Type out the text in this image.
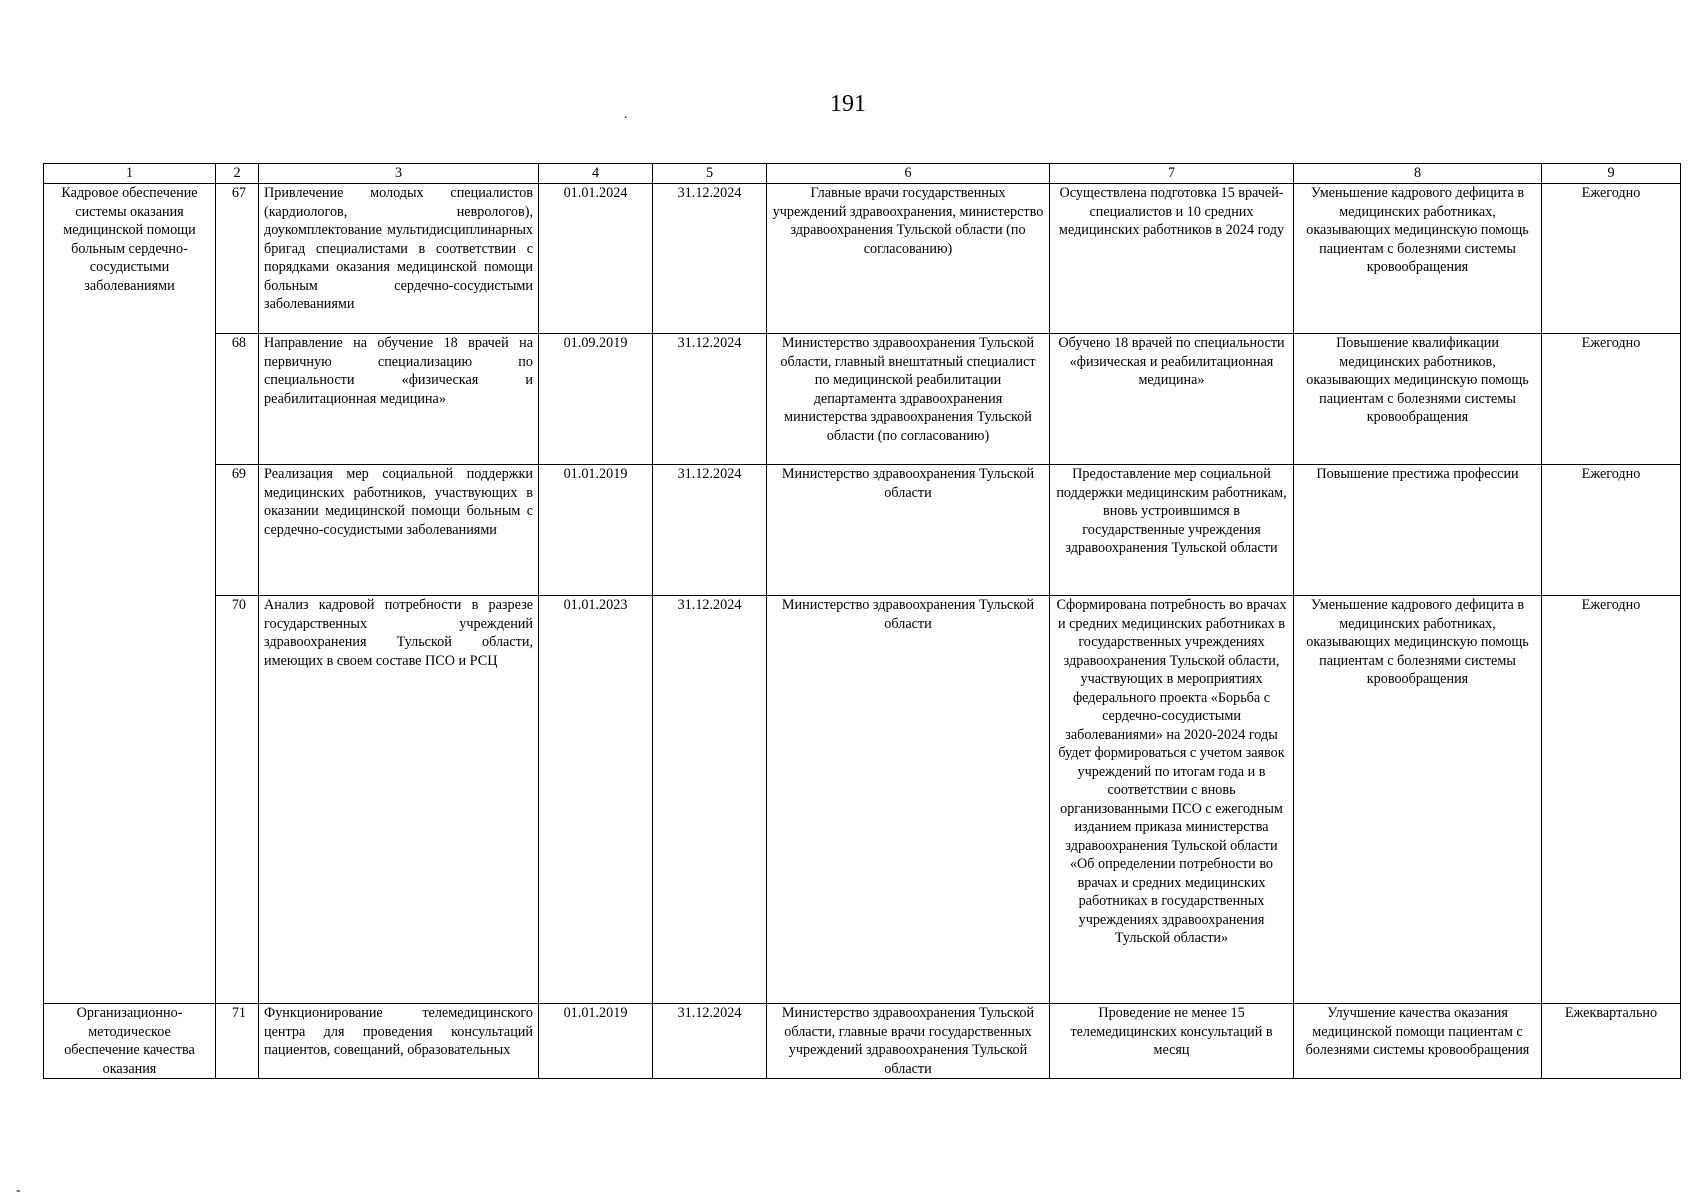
191
.
1	2	3	4	5	6	7	8	9
Кадровое обеспечение системы оказания медицинской помощи больным сердечно-сосудистыми заболеваниями	67	Привлечение молодых специалистов (кардиологов, неврологов), доукомплектование мультидисциплинарных бригад специалистами в соответствии с порядками оказания медицинской помощи больным сердечно-сосудистыми заболеваниями	01.01.2024	31.12.2024	Главные врачи государственных учреждений здравоохранения, министерство здравоохранения Тульской области (по согласованию)	Осуществлена подготовка 15 врачей-специалистов и 10 средних медицинских работников в 2024 году	Уменьшение кадрового дефицита в медицинских работниках, оказывающих медицинскую помощь пациентам с болезнями системы кровообращения	Ежегодно
	68	Направление на обучение 18 врачей на первичную специализацию по специальности «физическая и реабилитационная медицина»	01.09.2019	31.12.2024	Министерство здравоохранения Тульской области, главный внештатный специалист по медицинской реабилитации департамента здравоохранения министерства здравоохранения Тульской области (по согласованию)	Обучено 18 врачей по специальности «физическая и реабилитационная медицина»	Повышение квалификации медицинских работников, оказывающих медицинскую помощь пациентам с болезнями системы кровообращения	Ежегодно
	69	Реализация мер социальной поддержки медицинских работников, участвующих в оказании медицинской помощи больным с сердечно-сосудистыми заболеваниями	01.01.2019	31.12.2024	Министерство здравоохранения Тульской области	Предоставление мер социальной поддержки медицинским работникам, вновь устроившимся в государственные учреждения здравоохранения Тульской области	Повышение престижа профессии	Ежегодно
	70	Анализ кадровой потребности в разрезе государственных учреждений здравоохранения Тульской области, имеющих в своем составе ПСО и РСЦ	01.01.2023	31.12.2024	Министерство здравоохранения Тульской области	Сформирована потребность во врачах и средних медицинских работниках в государственных учреждениях здравоохранения Тульской области, участвующих в мероприятиях федерального проекта «Борьба с сердечно-сосудистыми заболеваниями» на 2020-2024 годы будет формироваться с учетом заявок учреждений по итогам года и в соответствии с вновь организованными ПСО с ежегодным изданием приказа министерства здравоохранения Тульской области «Об определении потребности во врачах и средних медицинских работниках в государственных учреждениях здравоохранения Тульской области»	Уменьшение кадрового дефицита в медицинских работниках, оказывающих медицинскую помощь пациентам с болезнями системы кровообращения	Ежегодно
Организационно-методическое обеспечение качества оказания	71	Функционирование телемедицинского центра для проведения консультаций пациентов, совещаний, образовательных	01.01.2019	31.12.2024	Министерство здравоохранения Тульской области, главные врачи государственных учреждений здравоохранения Тульской области	Проведение не менее 15 телемедицинских консультаций в месяц	Улучшение качества оказания медицинской помощи пациентам с болезнями системы кровообращения	Ежеквартально
-
